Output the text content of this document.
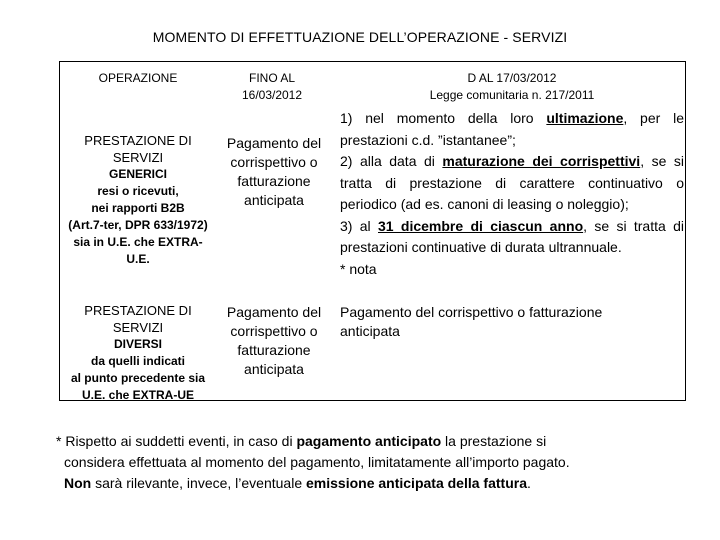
MOMENTO DI EFFETTUAZIONE DELL’OPERAZIONE - SERVIZI
OPERAZIONE	FINO AL
16/03/2012
D AL 17/03/2012
Legge comunitaria n. 217/2011
PRESTAZIONE DI SERVIZI
GENERICI
resi o ricevuti,
nei rapporti B2B
(Art.7-ter, DPR 633/1972)
sia in U.E. che EXTRA-
U.E.
Pagamento del
corrispettivo o
fatturazione
anticipata

1) nel momento della loro ultimazione, per le prestazioni c.d. ”istantanee”;

2) alla data di maturazione dei corrispettivi, se si tratta di prestazione di carattere continuativo o periodico (ad es. canoni di leasing o noleggio);

3) al 31 dicembre di ciascun anno, se si tratta di prestazioni continuative di durata ultrannuale.

* nota

PRESTAZIONE DI SERVIZI
DIVERSI
da quelli indicati
al punto precedente sia
U.E. che EXTRA-UE
Pagamento del
corrispettivo o
fatturazione
anticipata
Pagamento del corrispettivo o fatturazione anticipata

* Rispetto ai suddetti eventi, in caso di pagamento anticipato la prestazione si

considera effettuata al momento del pagamento, limitatamente all’importo pagato.

Non sarà rilevante, invece, l’eventuale emissione anticipata della fattura.
